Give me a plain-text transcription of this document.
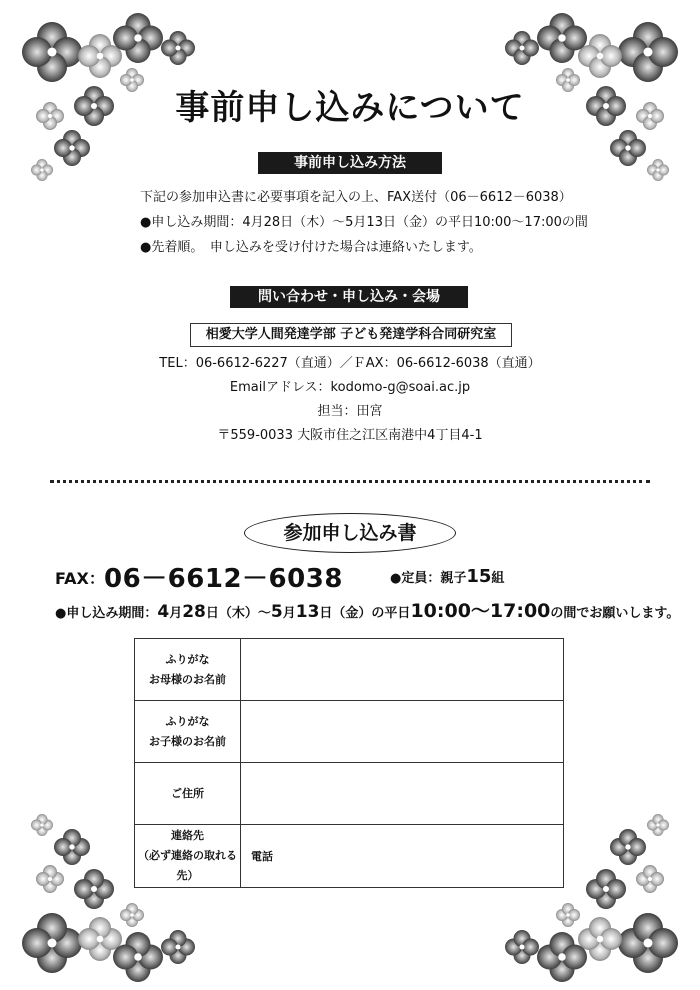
事前申し込みについて
事前申し込み方法
下記の参加申込書に必要事項を記入の上、FAX送付（06－6612－6038）
●申し込み期間：4月28日（木）～5月13日（金）の平日10:00～17:00の間
●先着順。　申し込みを受け付けた場合は連絡いたします。
問い合わせ・申し込み・会場
相愛大学人間発達学部 子ども発達学科合同研究室
TEL：06-6612-6227（直通）／ＦAX：06-6612-6038（直通）
Emailアドレス：kodomo-g@soai.ac.jp
担当：田宮
〒559-0033 大阪市住之江区南港中4丁目4-1
参加申し込み書
FAX： 06－6612－6038	●定員：親子15組
●申し込み期間：4月28日（木）～5月13日（金）の平日10:00～17:00の間でお願いします。
ふりがな
お母様のお名前	

ふりがな
お子様のお名前	

ご住所	

連絡先
（必ず連絡の取れる先）	電話
